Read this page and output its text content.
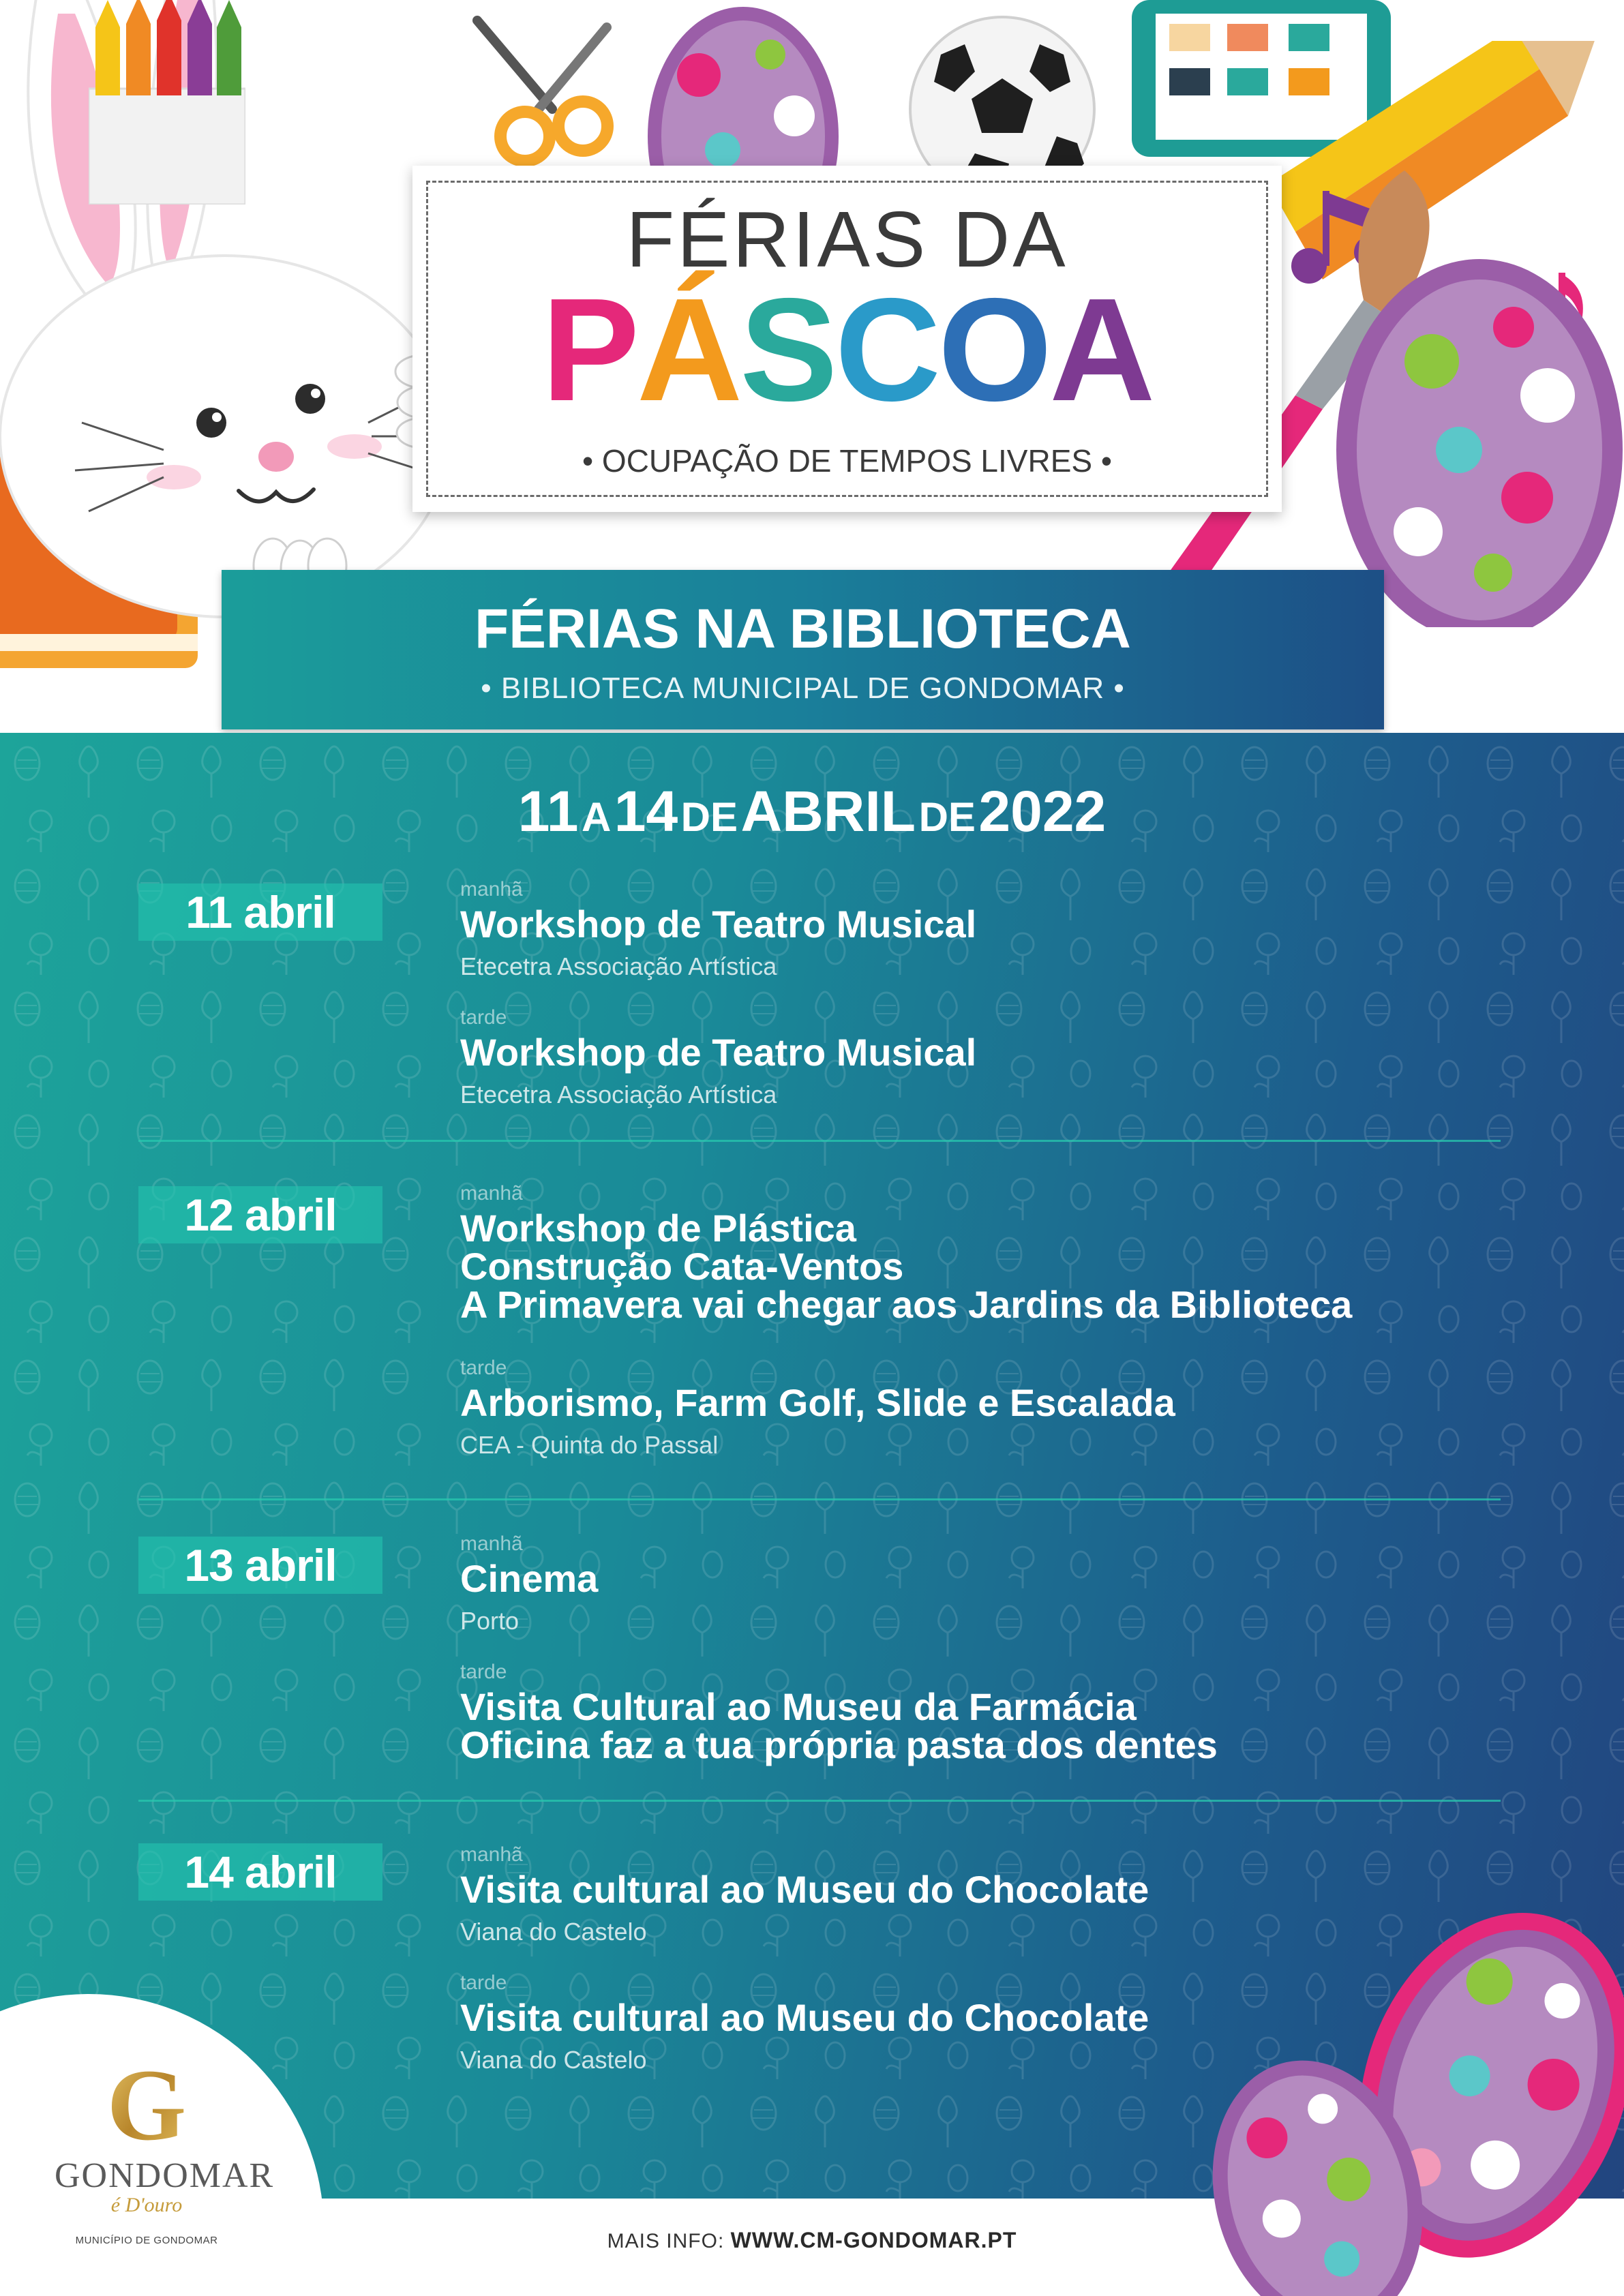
FÉRIAS DA
PÁSCOA
• OCUPAÇÃO DE TEMPOS LIVRES •
FÉRIAS NA BIBLIOTECA
• BIBLIOTECA MUNICIPAL DE GONDOMAR •
11 A 14 DE ABRIL DE 2022
11 abril	manhã
Workshop de Teatro Musical
Etecetra Associação Artística
tarde
Workshop de Teatro Musical
Etecetra Associação Artística
12 abril	manhã
Workshop de Plástica
Construção Cata-Ventos
A Primavera vai chegar aos Jardins da Biblioteca
tarde
Arborismo, Farm Golf, Slide e Escalada
CEA - Quinta do Passal
13 abril	manhã
Cinema
Porto
tarde
Visita Cultural ao Museu da Farmácia
Oficina faz a tua própria pasta dos dentes
14 abril	manhã
Visita cultural ao Museu do Chocolate
Viana do Castelo
tarde
Visita cultural ao Museu do Chocolate
Viana do Castelo
G
GONDOMAR
é D'ouro
MUNICÍPIO DE GONDOMAR	MAIS INFO: WWW.CM-GONDOMAR.PT
